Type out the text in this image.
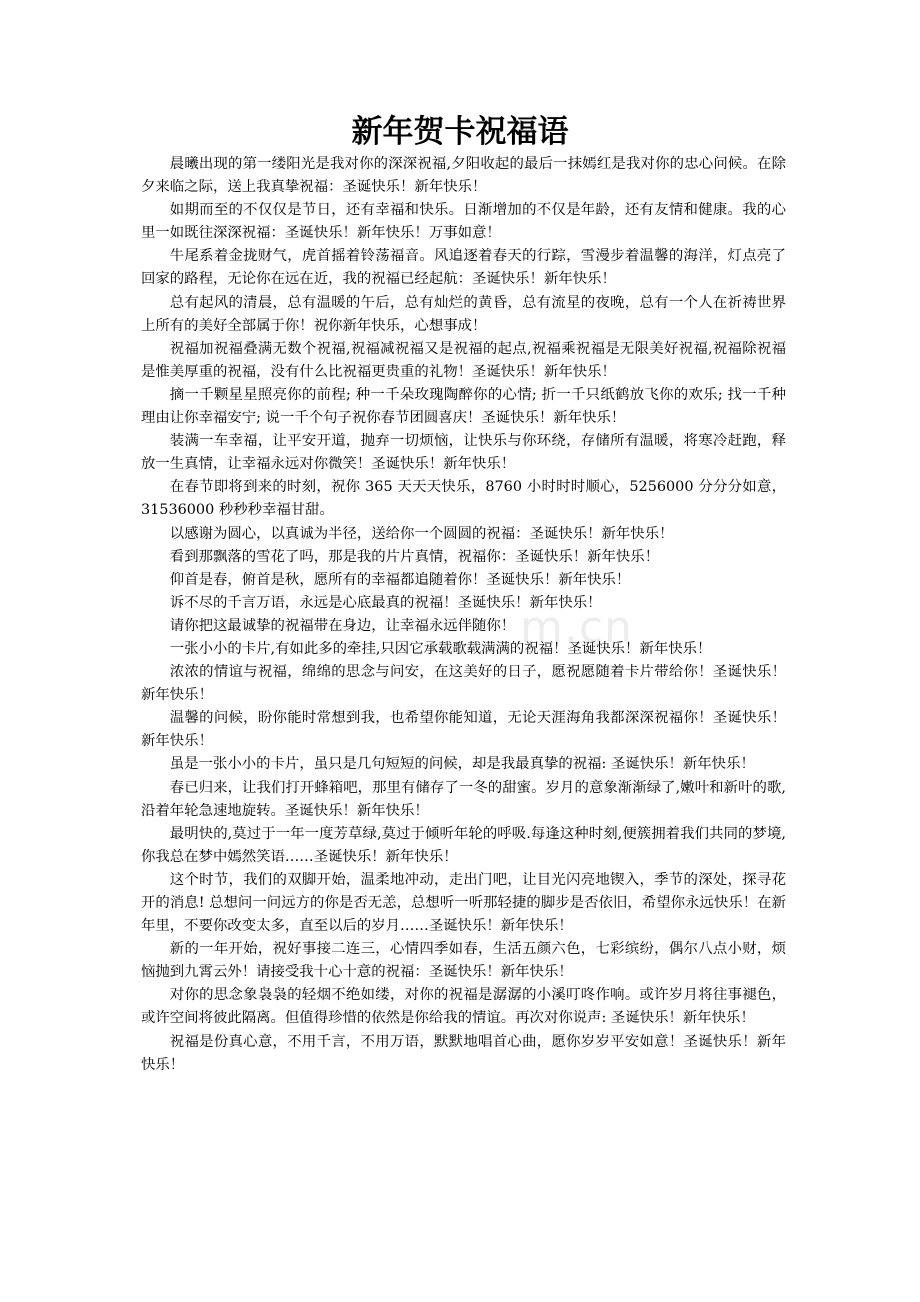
新年贺卡祝福语

晨曦出现的第一缕阳光是我对你的深深祝福,夕阳收起的最后一抹嫣红是我对你的忠心问候。在除夕来临之际，送上我真挚祝福：圣诞快乐！新年快乐！

如期而至的不仅仅是节日，还有幸福和快乐。日渐增加的不仅是年龄，还有友情和健康。我的心里一如既往深深祝福：圣诞快乐！新年快乐！万事如意！

牛尾系着金拢财气，虎首摇着铃荡福音。风追逐着春天的行踪，雪漫步着温馨的海洋，灯点亮了回家的路程，无论你在远在近，我的祝福已经起航：圣诞快乐！新年快乐！

总有起风的清晨，总有温暖的午后，总有灿烂的黄昏，总有流星的夜晚，总有一个人在祈祷世界上所有的美好全部属于你！祝你新年快乐，心想事成！

祝福加祝福叠满无数个祝福,祝福减祝福又是祝福的起点,祝福乘祝福是无限美好祝福,祝福除祝福是惟美厚重的祝福，没有什么比祝福更贵重的礼物！圣诞快乐！新年快乐！

摘一千颗星星照亮你的前程; 种一千朵玫瑰陶醉你的心情; 折一千只纸鹤放飞你的欢乐; 找一千种理由让你幸福安宁; 说一千个句子祝你春节团圆喜庆！圣诞快乐！新年快乐！

装满一车幸福，让平安开道，抛弃一切烦恼，让快乐与你环绕，存储所有温暖，将寒冷赶跑，释放一生真情，让幸福永远对你微笑！圣诞快乐！新年快乐！

在春节即将到来的时刻，祝你 365 天天天快乐，8760 小时时时顺心，5256000 分分分如意，31536000 秒秒秒幸福甘甜。

以感谢为圆心，以真诚为半径，送给你一个圆圆的祝福：圣诞快乐！新年快乐！

看到那飘落的雪花了吗，那是我的片片真情，祝福你：圣诞快乐！新年快乐！

仰首是春，俯首是秋，愿所有的幸福都追随着你！圣诞快乐！新年快乐！

诉不尽的千言万语，永远是心底最真的祝福！圣诞快乐！新年快乐！

请你把这最诚挚的祝福带在身边，让幸福永远伴随你！

一张小小的卡片,有如此多的牵挂,只因它承载歌载满满的祝福！圣诞快乐！新年快乐！

浓浓的情谊与祝福，绵绵的思念与问安，在这美好的日子，愿祝愿随着卡片带给你！圣诞快乐！新年快乐！

温馨的问候，盼你能时常想到我，也希望你能知道，无论天涯海角我都深深祝福你！圣诞快乐！新年快乐！

虽是一张小小的卡片，虽只是几句短短的问候，却是我最真挚的祝福: 圣诞快乐！新年快乐！

春已归来，让我们打开蜂箱吧，那里有储存了一冬的甜蜜。岁月的意象渐渐绿了,嫩叶和新叶的歌,沿着年轮急速地旋转。圣诞快乐！新年快乐！

最明快的,莫过于一年一度芳草绿,莫过于倾听年轮的呼吸.每逢这种时刻,便簇拥着我们共同的梦境,你我总在梦中嫣然笑语……圣诞快乐！新年快乐！

这个时节，我们的双脚开始，温柔地冲动，走出门吧，让目光闪亮地锲入，季节的深处，探寻花开的消息! 总想问一问远方的你是否无恙，总想听一听那轻捷的脚步是否依旧，希望你永远快乐！在新年里，不要你改变太多，直至以后的岁月……圣诞快乐！新年快乐！

新的一年开始，祝好事接二连三，心情四季如春，生活五颜六色，七彩缤纷，偶尔八点小财，烦恼抛到九霄云外！请接受我十心十意的祝福：圣诞快乐！新年快乐！

对你的思念象袅袅的轻烟不绝如缕，对你的祝福是潺潺的小溪叮咚作响。或许岁月将往事褪色，或许空间将彼此隔离。但值得珍惜的依然是你给我的情谊。再次对你说声: 圣诞快乐！新年快乐！

祝福是份真心意，不用千言，不用万语，默默地唱首心曲，愿你岁岁平安如意！圣诞快乐！新年快乐！

m.cn
